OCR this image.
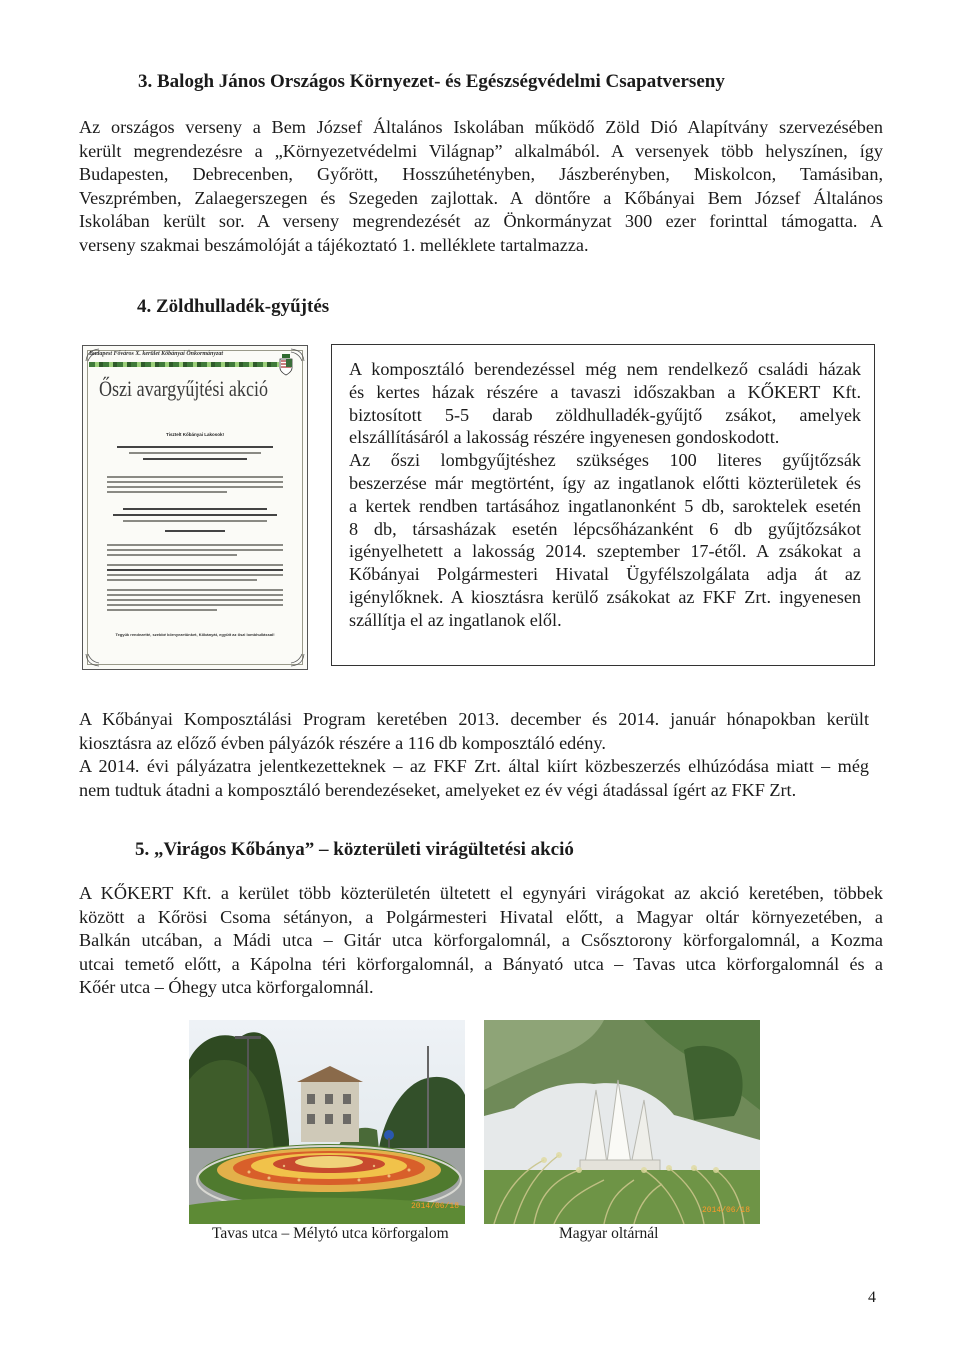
3. Balogh János Országos Környezet- és Egészségvédelmi Csapatverseny
Az országos verseny a Bem József Általános Iskolában működő Zöld Dió Alapítvány szervezésében
került megrendezésre a „Környezetvédelmi Világnap” alkalmából. A versenyek több helyszínen, így
Budapesten, Debrecenben, Győrött, Hosszúhetényben, Jászberényben, Miskolcon, Tamásiban,
Veszprémben, Zalaegerszegen és Szegeden zajlottak. A döntőre a Kőbányai Bem József Általános
Iskolában került sor. A verseny megrendezését az Önkormányzat 300 ezer forinttal támogatta. A
verseny szakmai beszámolóját a tájékoztató 1. melléklete tartalmazza.
4. Zöldhulladék-gyűjtés
Budapest Főváros X. kerület Kőbányai Önkormányzat
Őszi avargyűjtési akció
Tisztelt Kőbányai Lakosok!
Tegyük rendezetté, szebbé környezetünket, Kőbányát, együtt az őszi lombhullással!
A komposztáló berendezéssel még nem rendelkező családi házak
és kertes házak részére a tavaszi időszakban a KŐKERT Kft.
biztosított 5-5 darab zöldhulladék-gyűjtő zsákot, amelyek
elszállításáról a lakosság részére ingyenesen gondoskodott.
Az őszi lombgyűjtéshez szükséges 100 literes gyűjtőzsák
beszerzése már megtörtént, így az ingatlanok előtti közterületek és
a kertek rendben tartásához ingatlanonként 5 db, saroktelek esetén
8 db, társasházak esetén lépcsőházanként 6 db gyűjtőzsákot
igényelhetett a lakosság 2014. szeptember 17-étől. A zsákokat a
Kőbányai Polgármesteri Hivatal Ügyfélszolgálata adja át az
igénylőknek. A kiosztásra kerülő zsákokat az FKF Zrt. ingyenesen
szállítja el az ingatlanok elől.
A Kőbányai Komposztálási Program keretében 2013. december és 2014. január hónapokban került
kiosztásra az előző évben pályázók részére a 116 db komposztáló edény.
A 2014. évi pályázatra jelentkezetteknek – az FKF Zrt. által kiírt közbeszerzés elhúzódása miatt – még
nem tudtuk átadni a komposztáló berendezéseket, amelyeket ez év végi átadással ígért az FKF Zrt.
5. „Virágos Kőbánya” – közterületi virágültetési akció
A KŐKERT Kft. a kerület több közterületén ültetett el egynyári virágokat az akció keretében, többek
között a Kőrösi Csoma sétányon, a Polgármesteri Hivatal előtt, a Magyar oltár környezetében, a
Balkán utcában, a Mádi utca – Gitár utca körforgalomnál, a Csősztorony körforgalomnál, a Kozma
utcai temető előtt, a Kápolna téri körforgalomnál, a Bányató utca – Tavas utca körforgalomnál és a
Kőér utca – Óhegy utca körforgalomnál.
2014/06/18	2014/06/18
Tavas utca – Mélytó utca körforgalom	Magyar oltárnál
4
